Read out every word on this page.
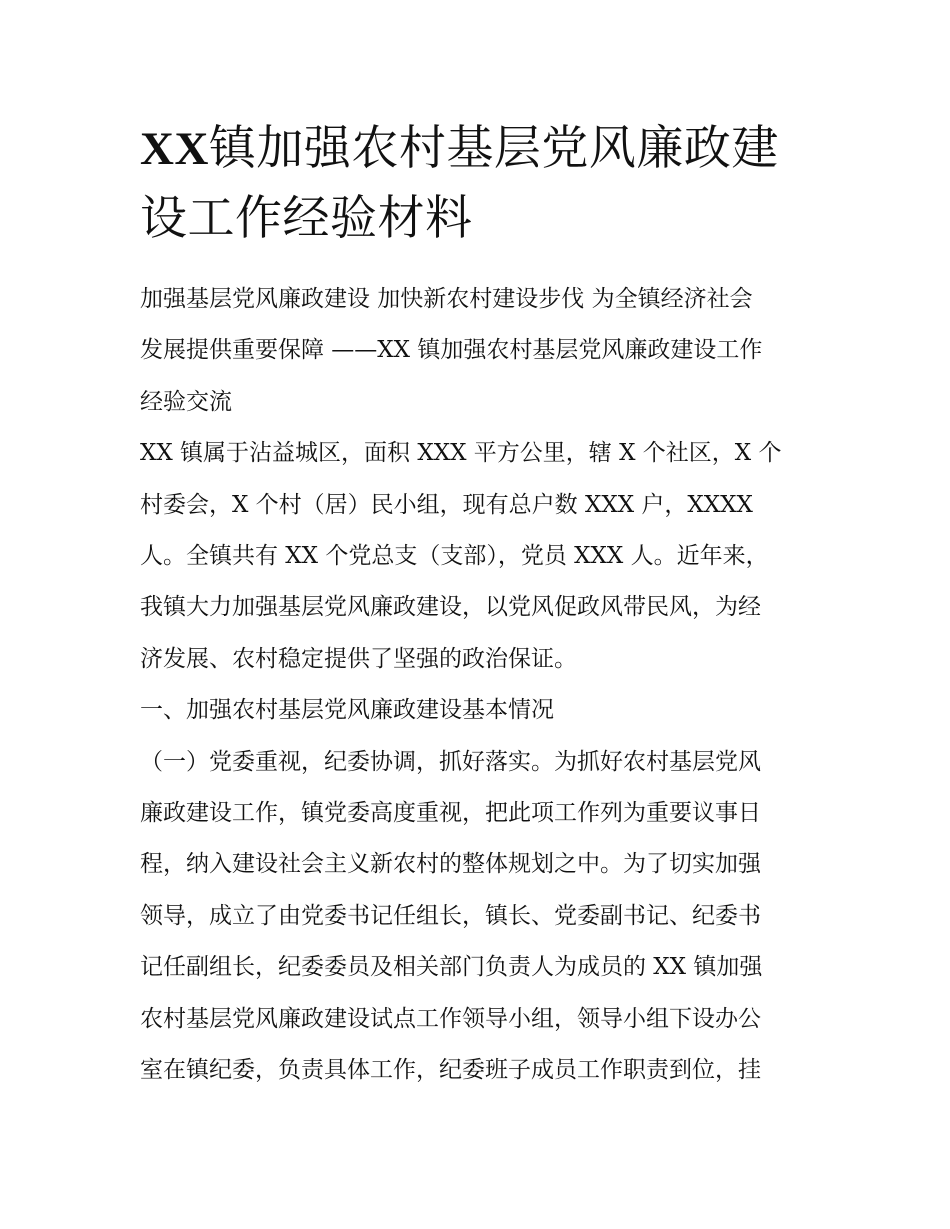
XX镇加强农村基层党风廉政建
设工作经验材料
加强基层党风廉政建设 加快新农村建设步伐 为全镇经济社会
发展提供重要保障 ——XX 镇加强农村基层党风廉政建设工作
经验交流
XX 镇属于沾益城区，面积 XXX 平方公里，辖 X 个社区，X 个
村委会，X 个村（居）民小组，现有总户数 XXX 户，XXXX
人。全镇共有 XX 个党总支（支部），党员 XXX 人。近年来，
我镇大力加强基层党风廉政建设，以党风促政风带民风，为经
济发展、农村稳定提供了坚强的政治保证。
一、加强农村基层党风廉政建设基本情况
（一）党委重视，纪委协调，抓好落实。为抓好农村基层党风
廉政建设工作，镇党委高度重视，把此项工作列为重要议事日
程，纳入建设社会主义新农村的整体规划之中。为了切实加强
领导，成立了由党委书记任组长，镇长、党委副书记、纪委书
记任副组长，纪委委员及相关部门负责人为成员的 XX 镇加强
农村基层党风廉政建设试点工作领导小组，领导小组下设办公
室在镇纪委，负责具体工作，纪委班子成员工作职责到位，挂
